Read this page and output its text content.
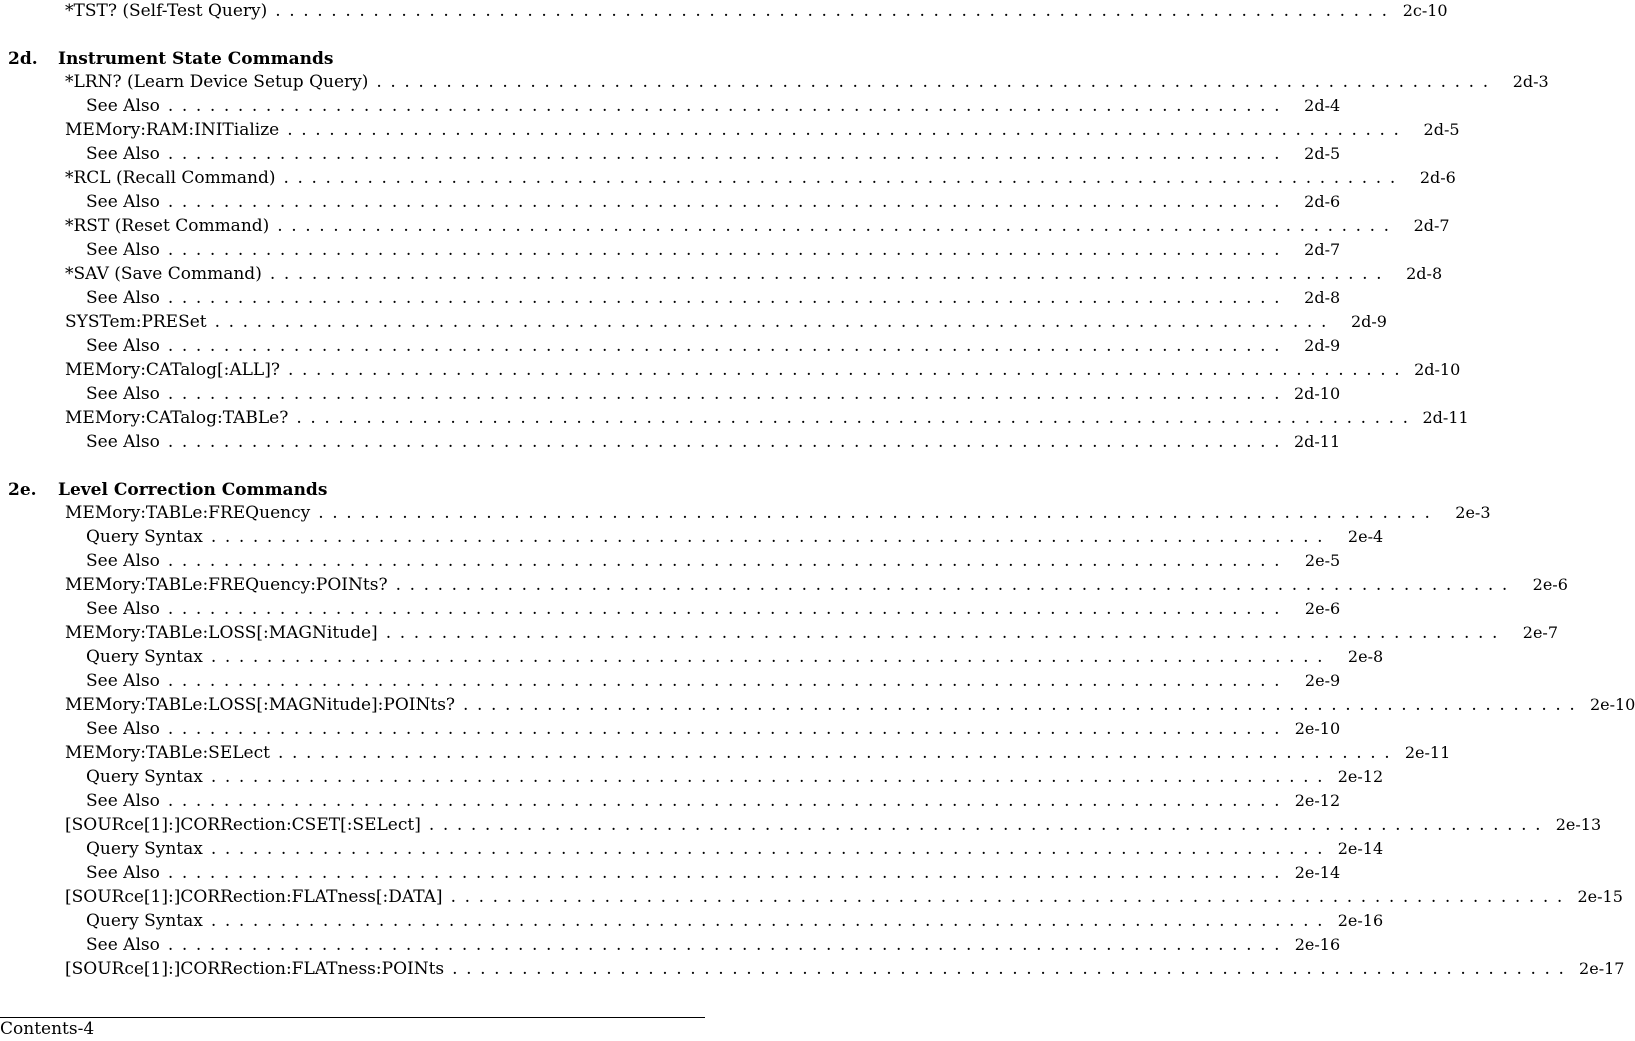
*TST? (Self-Test Query) ................................................................................ 2c-10
2d.	Instrument State Commands
*LRN? (Learn Device Setup Query) ................................................................................ 2d-3
See Also ................................................................................ 2d-4
MEMory:RAM:INITialize ................................................................................ 2d-5
See Also ................................................................................ 2d-5
*RCL (Recall Command) ................................................................................ 2d-6
See Also ................................................................................ 2d-6
*RST (Reset Command) ................................................................................ 2d-7
See Also ................................................................................ 2d-7
*SAV (Save Command) ................................................................................ 2d-8
See Also ................................................................................ 2d-8
SYSTem:PRESet ................................................................................ 2d-9
See Also ................................................................................ 2d-9
MEMory:CATalog[:ALL]? ................................................................................ 2d-10
See Also ................................................................................ 2d-10
MEMory:CATalog:TABLe? ................................................................................ 2d-11
See Also ................................................................................ 2d-11
2e.	Level Correction Commands
MEMory:TABLe:FREQuency ................................................................................	2e-3
Query Syntax ................................................................................	2e-4
See Also ................................................................................	2e-5
MEMory:TABLe:FREQuency:POINts? ................................................................................	2e-6
See Also ................................................................................	2e-6
MEMory:TABLe:LOSS[:MAGNitude] ................................................................................	2e-7
Query Syntax ................................................................................	2e-8
See Also ................................................................................	2e-9
MEMory:TABLe:LOSS[:MAGNitude]:POINts? ................................................................................ 2e-10
See Also ................................................................................ 2e-10
MEMory:TABLe:SELect ................................................................................ 2e-11
Query Syntax ................................................................................ 2e-12
See Also ................................................................................ 2e-12
[SOURce[1]:]CORRection:CSET[:SELect] ................................................................................ 2e-13
Query Syntax ................................................................................ 2e-14
See Also ................................................................................ 2e-14
[SOURce[1]:]CORRection:FLATness[:DATA] ................................................................................ 2e-15
Query Syntax ................................................................................ 2e-16
See Also ................................................................................ 2e-16
[SOURce[1]:]CORRection:FLATness:POINts ................................................................................ 2e-17
Contents-4
